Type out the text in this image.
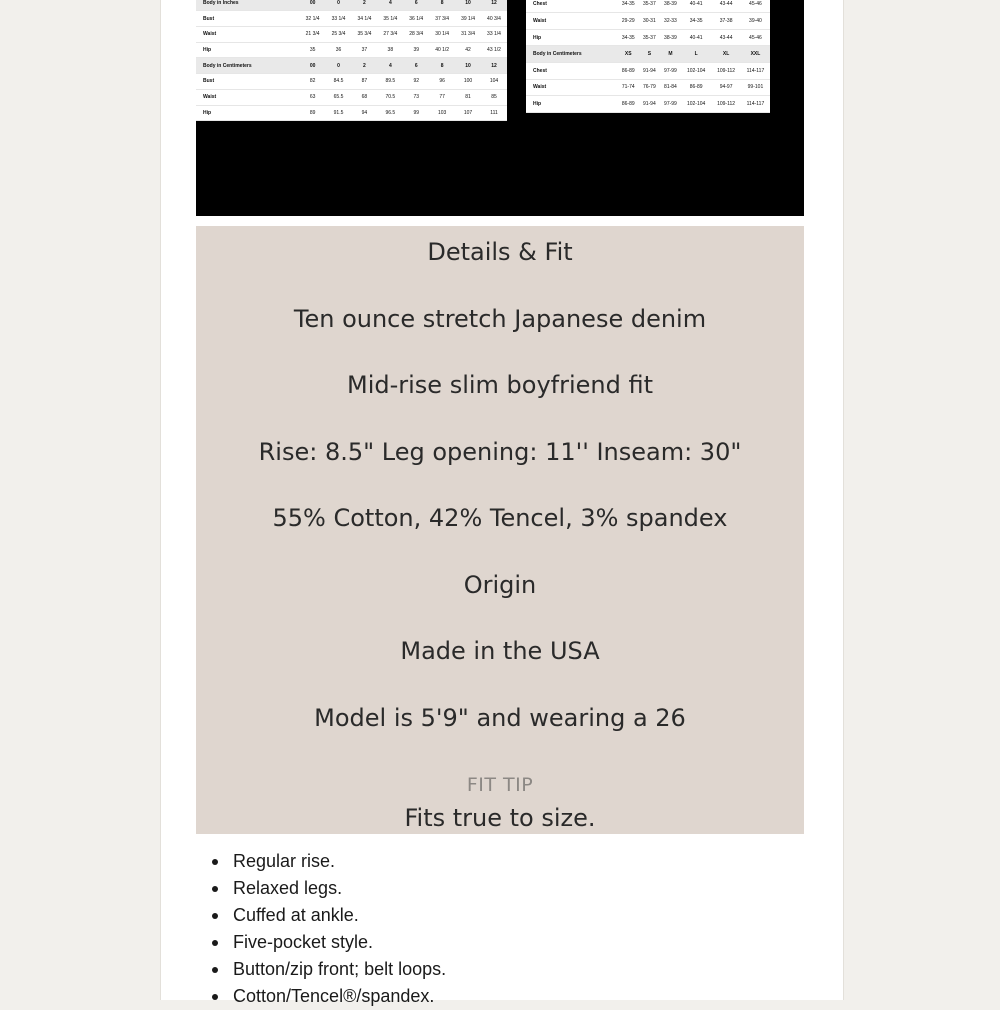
Body in Inches	00	0	2	4	6	8	10	12
Bust	32 1/4	33 1/4	34 1/4	35 1/4	36 1/4	37 3/4	39 1/4	40 3/4
Waist	21 3/4	25 3/4	35 3/4	27 3/4	28 3/4	30 1/4	31 3/4	33 1/4
Hip	35	36	37	38	39	40 1/2	42	43 1/2
Body in Centimeters	00	0	2	4	6	8	10	12
Bust	82	84.5	87	89.5	92	96	100	104
Waist	63	65.5	68	70.5	73	77	81	85
Hip	89	91.5	94	96.5	99	103	107	111

Chest	34-35	35-37	38-39	40-41	43-44	45-46
Waist	29-29	30-31	32-33	34-35	37-38	39-40
Hip	34-35	35-37	38-39	40-41	43-44	45-46
Body in Centimeters	XS	S	M	L	XL	XXL
Chest	86-89	91-94	97-99	102-104	109-112	114-117
Waist	71-74	76-79	81-84	86-89	94-97	99-101
Hip	86-89	91-94	97-99	102-104	109-112	114-117
Details & Fit
Ten ounce stretch Japanese denim
Mid-rise slim boyfriend fit
Rise: 8.5" Leg opening: 11'' Inseam: 30"
55% Cotton, 42% Tencel, 3% spandex
Origin
Made in the USA
Model is 5'9" and wearing a 26
FIT TIP
Fits true to size.
Regular rise.
Relaxed legs.
Cuffed at ankle.
Five-pocket style.
Button/zip front; belt loops.
Cotton/Tencel®/spandex.
